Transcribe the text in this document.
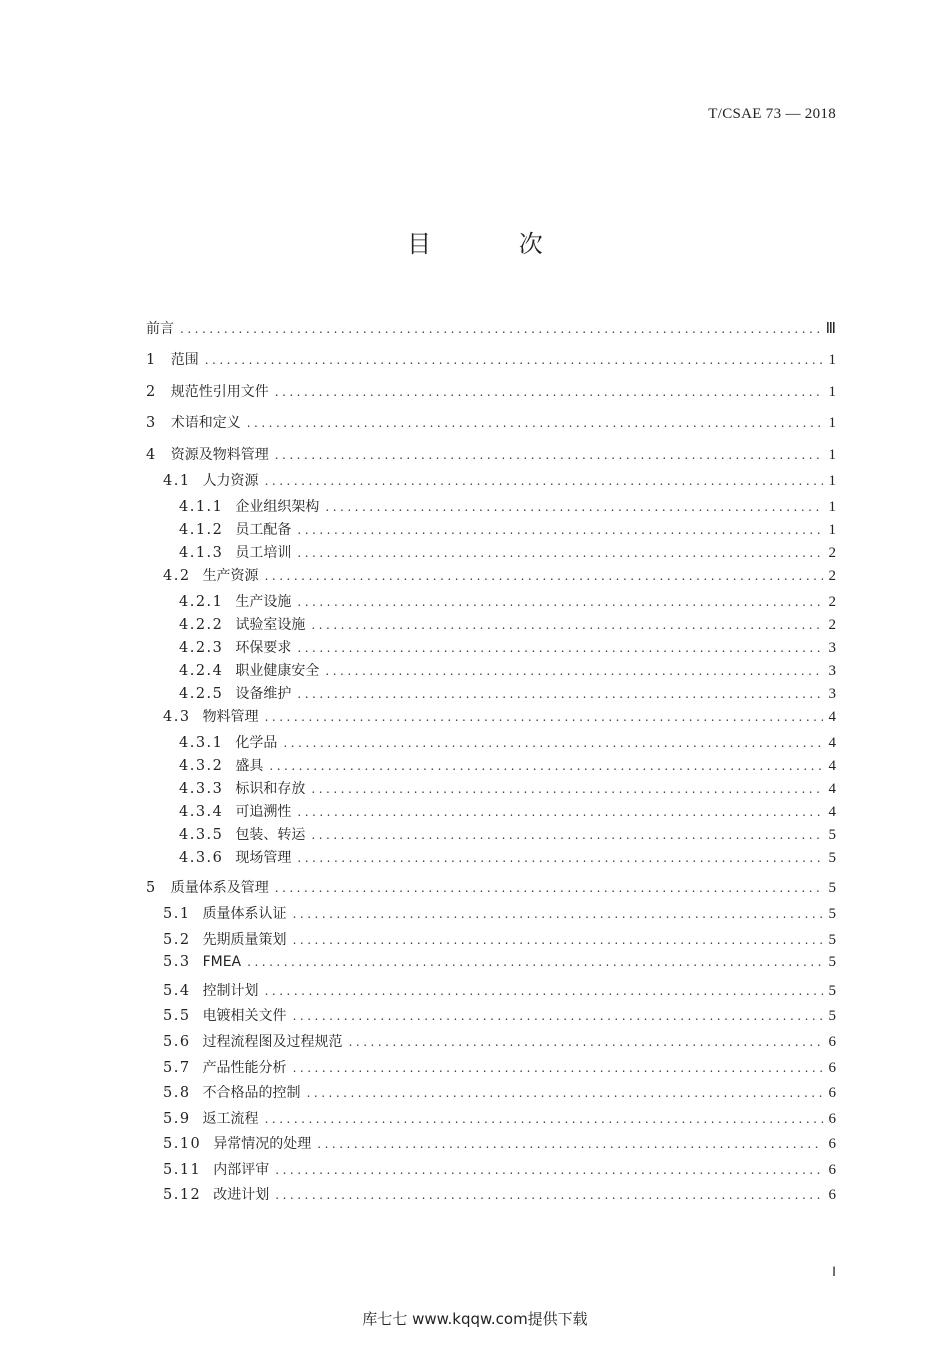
T/CSAE 73 — 2018
目 次
前言 .....	Ⅲ
1 范围 .....	1
2 规范性引用文件 .....	1
3 术语和定义 .....	1
4 资源及物料管理 .....	1
4.1 人力资源 .....	1
4.1.1 企业组织架构 .....	1
4.1.2 员工配备 .....	1
4.1.3 员工培训 .....	2
4.2 生产资源 .....	2
4.2.1 生产设施 .....	2
4.2.2 试验室设施 .....	2
4.2.3 环保要求 .....	3
4.2.4 职业健康安全 .....	3
4.2.5 设备维护 .....	3
4.3 物料管理 .....	4
4.3.1 化学品 .....	4
4.3.2 盛具 .....	4
4.3.3 标识和存放 .....	4
4.3.4 可追溯性 .....	4
4.3.5 包装、转运 .....	5
4.3.6 现场管理 .....	5
5 质量体系及管理 .....	5
5.1 质量体系认证 .....	5
5.2 先期质量策划 .....	5
5.3 FMEA .....	5
5.4 控制计划 .....	5
5.5 电镀相关文件 .....	5
5.6 过程流程图及过程规范 .....	6
5.7 产品性能分析 .....	6
5.8 不合格品的控制 .....	6
5.9 返工流程 .....	6
5.10 异常情况的处理 .....	6
5.11 内部评审 .....	6
5.12 改进计划 .....	6
Ⅰ
库七七 www.kqqw.com提供下载
